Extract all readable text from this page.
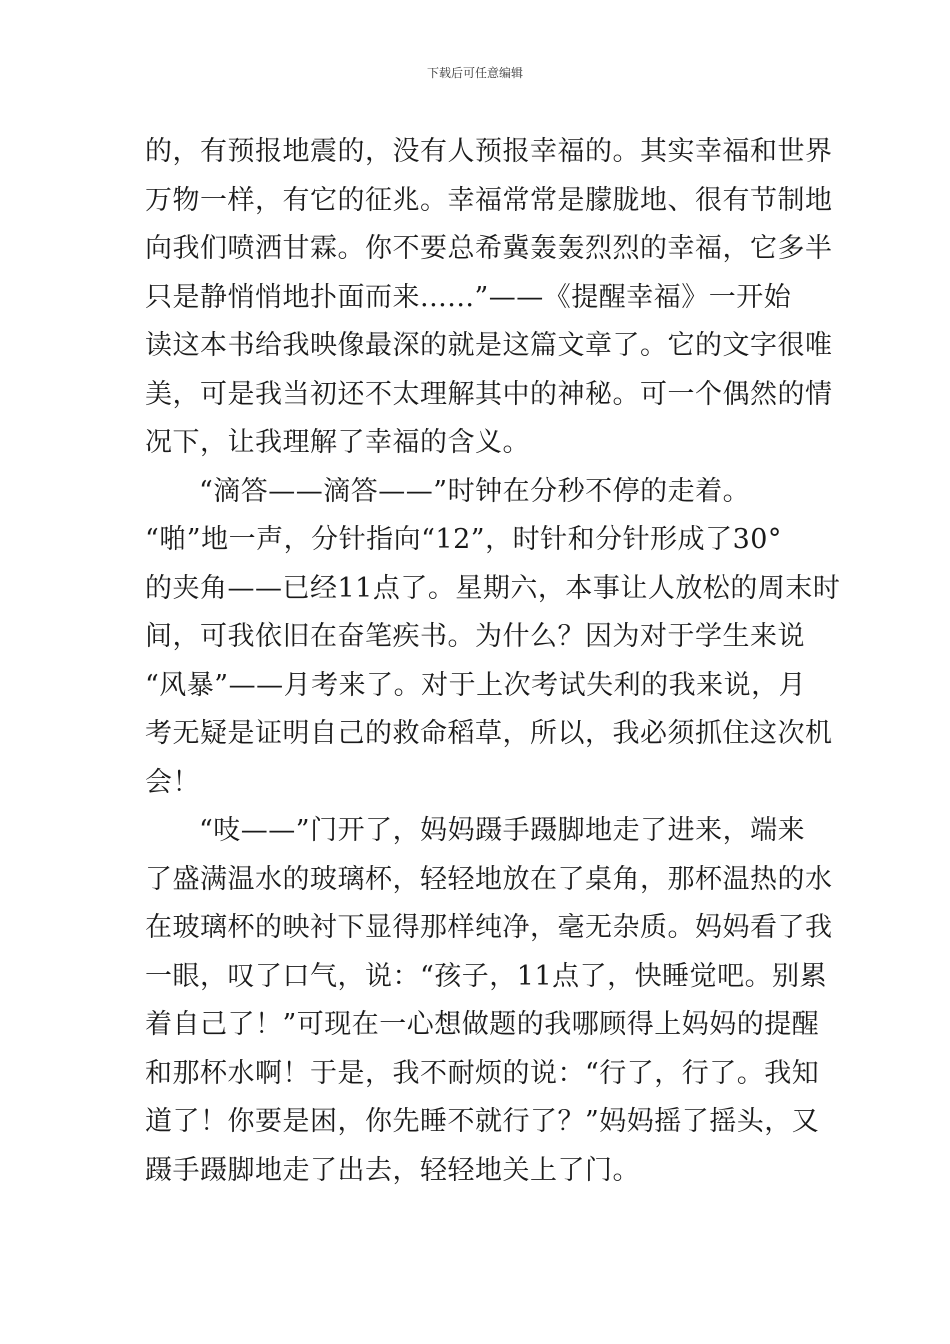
下载后可任意编辑
的，有预报地震的，没有人预报幸福的。其实幸福和世界
万物一样，有它的征兆。幸福常常是朦胧地、很有节制地
向我们喷洒甘霖。你不要总希冀轰轰烈烈的幸福，它多半
只是静悄悄地扑面而来......”——《提醒幸福》一开始
读这本书给我映像最深的就是这篇文章了。它的文字很唯
美，可是我当初还不太理解其中的神秘。可一个偶然的情
况下，让我理解了幸福的含义。
“滴答——滴答——”时钟在分秒不停的走着。
“啪”地一声，分针指向“12”，时针和分针形成了30°
的夹角——已经11点了。星期六，本事让人放松的周末时
间，可我依旧在奋笔疾书。为什么？因为对于学生来说
“风暴”——月考来了。对于上次考试失利的我来说，月
考无疑是证明自己的救命稻草，所以，我必须抓住这次机
会！
“吱——”门开了，妈妈蹑手蹑脚地走了进来，端来
了盛满温水的玻璃杯，轻轻地放在了桌角，那杯温热的水
在玻璃杯的映衬下显得那样纯净，毫无杂质。妈妈看了我
一眼，叹了口气，说：“孩子，11点了，快睡觉吧。别累
着自己了！”可现在一心想做题的我哪顾得上妈妈的提醒
和那杯水啊！于是，我不耐烦的说：“行了，行了。我知
道了！你要是困，你先睡不就行了？”妈妈摇了摇头，又
蹑手蹑脚地走了出去，轻轻地关上了门。
